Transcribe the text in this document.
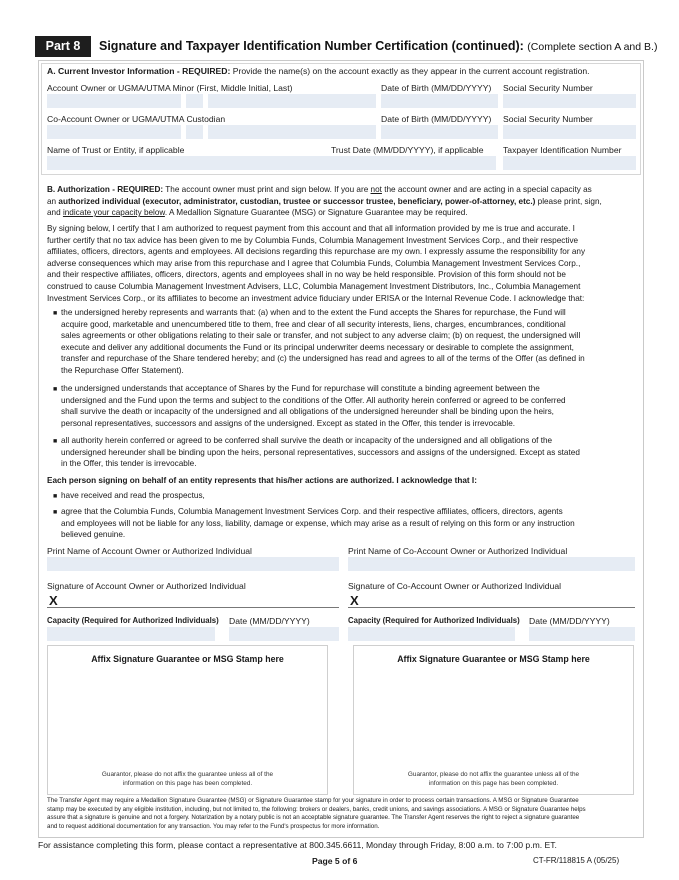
Part 8	Signature and Taxpayer Identification Number Certification (continued): (Complete section A and B.)
A. Current Investor Information - REQUIRED: Provide the name(s) on the account exactly as they appear in the current account registration.
Account Owner or UGMA/UTMA Minor (First, Middle Initial, Last)	Date of Birth (MM/DD/YYYY) Social Security Number
Co-Account Owner or UGMA/UTMA Custodian	Date of Birth (MM/DD/YYYY) Social Security Number
Name of Trust or Entity, if applicable	Trust Date (MM/DD/YYYY), if applicable Taxpayer Identification Number
B. Authorization - REQUIRED: The account owner must print and sign below. If you are not the account owner and are acting in a special capacity as
an authorized individual (executor, administrator, custodian, trustee or successor trustee, beneficiary, power-of-attorney, etc.) please print, sign,
and indicate your capacity below. A Medallion Signature Guarantee (MSG) or Signature Guarantee may be required.
By signing below, I certify that I am authorized to request payment from this account and that all information provided by me is true and accurate. I
further certify that no tax advice has been given to me by Columbia Funds, Columbia Management Investment Services Corp., and their respective
affiliates, officers, directors, agents and employees. All decisions regarding this repurchase are my own. I expressly assume the responsibility for any
adverse consequences which may arise from this repurchase and I agree that Columbia Funds, Columbia Management Investment Services Corp.,
and their respective affiliates, officers, directors, agents and employees shall in no way be held responsible. Provision of this form should not be
construed to cause Columbia Management Investment Advisers, LLC, Columbia Management Investment Distributors, Inc., Columbia Management
Investment Services Corp., or its affiliates to become an investment advice fiduciary under ERISA or the Internal Revenue Code. I acknowledge that:
■ the undersigned hereby represents and warrants that: (a) when and to the extent the Fund accepts the Shares for repurchase, the Fund will
acquire good, marketable and unencumbered title to them, free and clear of all security interests, liens, charges, encumbrances, conditional
sales agreements or other obligations relating to their sale or transfer, and not subject to any adverse claim; (b) on request, the undersigned will
execute and deliver any additional documents the Fund or its principal underwriter deems necessary or desirable to complete the assignment,
transfer and repurchase of the Share tendered hereby; and (c) the undersigned has read and agrees to all of the terms of the Offer (as defined in
the Repurchase Offer Statement).
■ the undersigned understands that acceptance of Shares by the Fund for repurchase will constitute a binding agreement between the
undersigned and the Fund upon the terms and subject to the conditions of the Offer. All authority herein conferred or agreed to be conferred
shall survive the death or incapacity of the undersigned and all obligations of the undersigned hereunder shall be binding upon the heirs,
personal representatives, successors and assigns of the undersigned. Except as stated in the Offer, this tender is irrevocable.
■ all authority herein conferred or agreed to be conferred shall survive the death or incapacity of the undersigned and all obligations of the
undersigned hereunder shall be binding upon the heirs, personal representatives, successors and assigns of the undersigned. Except as stated
in the Offer, this tender is irrevocable.
Each person signing on behalf of an entity represents that his/her actions are authorized. I acknowledge that I:
■ have received and read the prospectus,
■ agree that the Columbia Funds, Columbia Management Investment Services Corp. and their respective affiliates, officers, directors, agents
and employees will not be liable for any loss, liability, damage or expense, which may arise as a result of relying on this form or any instruction
believed genuine.
Print Name of Account Owner or Authorized Individual	Print Name of Co-Account Owner or Authorized Individual
Signature of Account Owner or Authorized Individual	Signature of Co-Account Owner or Authorized Individual
X	X
Capacity (Required for Authorized Individuals) Date (MM/DD/YYYY)	Capacity (Required for Authorized Individuals) Date (MM/DD/YYYY)
Affix Signature Guarantee or MSG Stamp here
Guarantor, please do not affix the guarantee unless all of the
information on this page has been completed.
Affix Signature Guarantee or MSG Stamp here
Guarantor, please do not affix the guarantee unless all of the
information on this page has been completed.
The Transfer Agent may require a Medallion Signature Guarantee (MSG) or Signature Guarantee stamp for your signature in order to process certain transactions. A MSG or Signature Guarantee
stamp may be executed by any eligible institution, including, but not limited to, the following: brokers or dealers, banks, credit unions, and savings associations. A MSG or Signature Guarantee helps
assure that a signature is genuine and not a forgery. Notarization by a notary public is not an acceptable signature guarantee. The Transfer Agent reserves the right to reject a signature guarantee
and to request additional documentation for any transaction. You may refer to the Fund's prospectus for more information.
For assistance completing this form, please contact a representative at 800.345.6611, Monday through Friday, 8:00 a.m. to 7:00 p.m. ET.
Page 5 of 6	CT-FR/118815 A (05/25)
